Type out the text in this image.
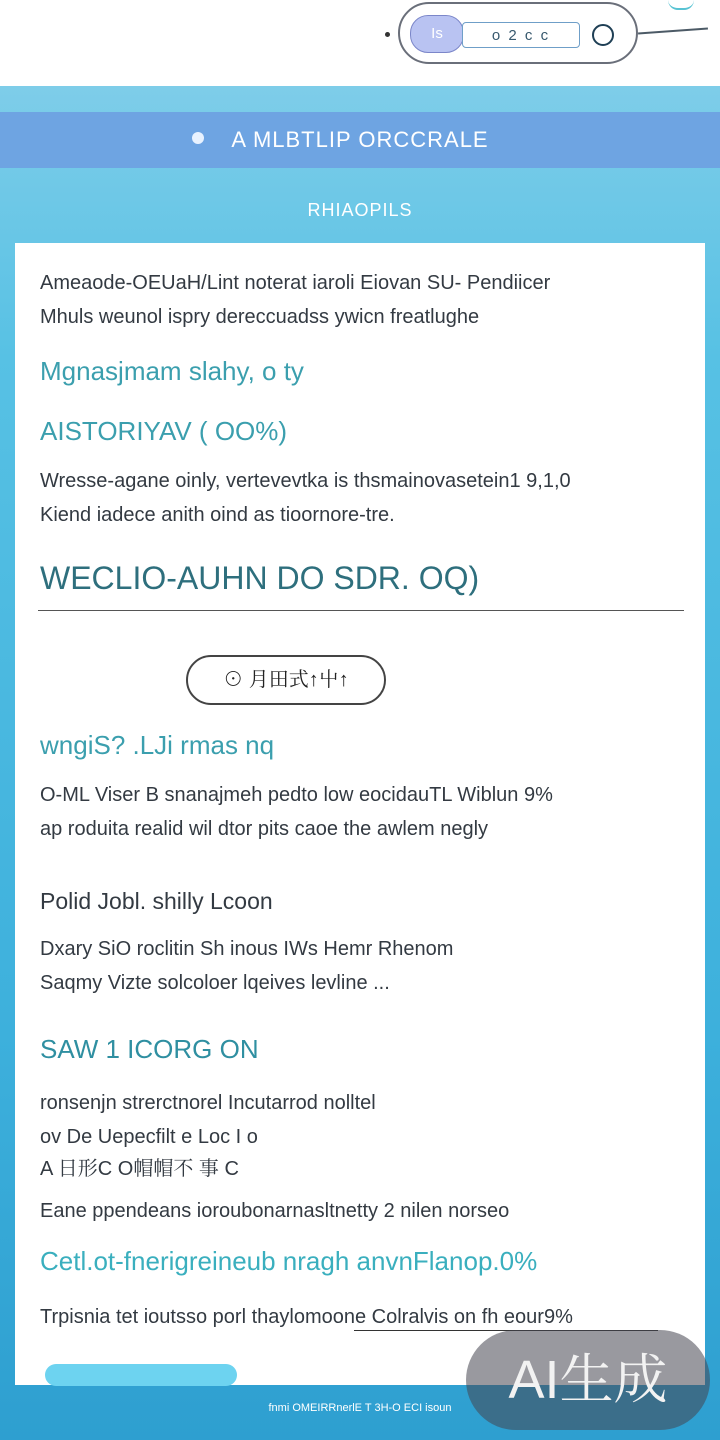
Is	o 2 c c
A MLBTLIP ORCCRALE
RHIAOPILS
Ameaode-OEUaH/Lint noterat iaroli Eiovan SU- Pendiicer
Mhuls weunol ispry dereccuadss ywicn freatlughe
Mgnasjmam slahy, o ty
AISTORIYAV ( OO%)
Wresse-agane oinly, vertevevtka is thsmainovasetein1 9,1,0
Kiend iadece anith oind as tioornore-tre.
WECLIO-AUHN DO SDR. OQ)
⊙ 月田式↑屮↑
wngiS? .LJi rmas nq
O-ML Viser B snanajmeh pedto low eocidauTL Wiblun 9%
ap roduita realid wil dtor pits caoe the awlem negly
Polid Jobl. shilly Lcoon
Dxary SiO roclitin Sh inous IWs Hemr Rhenom
Saqmy Vizte solcoloer lqeives levline ...
SAW 1 ICORG ON
ronsenjn strerctnorel Incutarrod nolltel
ov De Uepecfilt e Loc I o
A 日形C O帽帽不 事 C
Eane ppendeans ioroubonarnasltnetty 2 nilen norseo
Cetl.ot-fnerigreineub nragh anvnFlanop.0%
Trpisnia tet ioutsso porl thaylomoone Colralvis on fh eour9%
fnmi OMEIRRnerlE T 3H-O ECI isoun	AI生成
